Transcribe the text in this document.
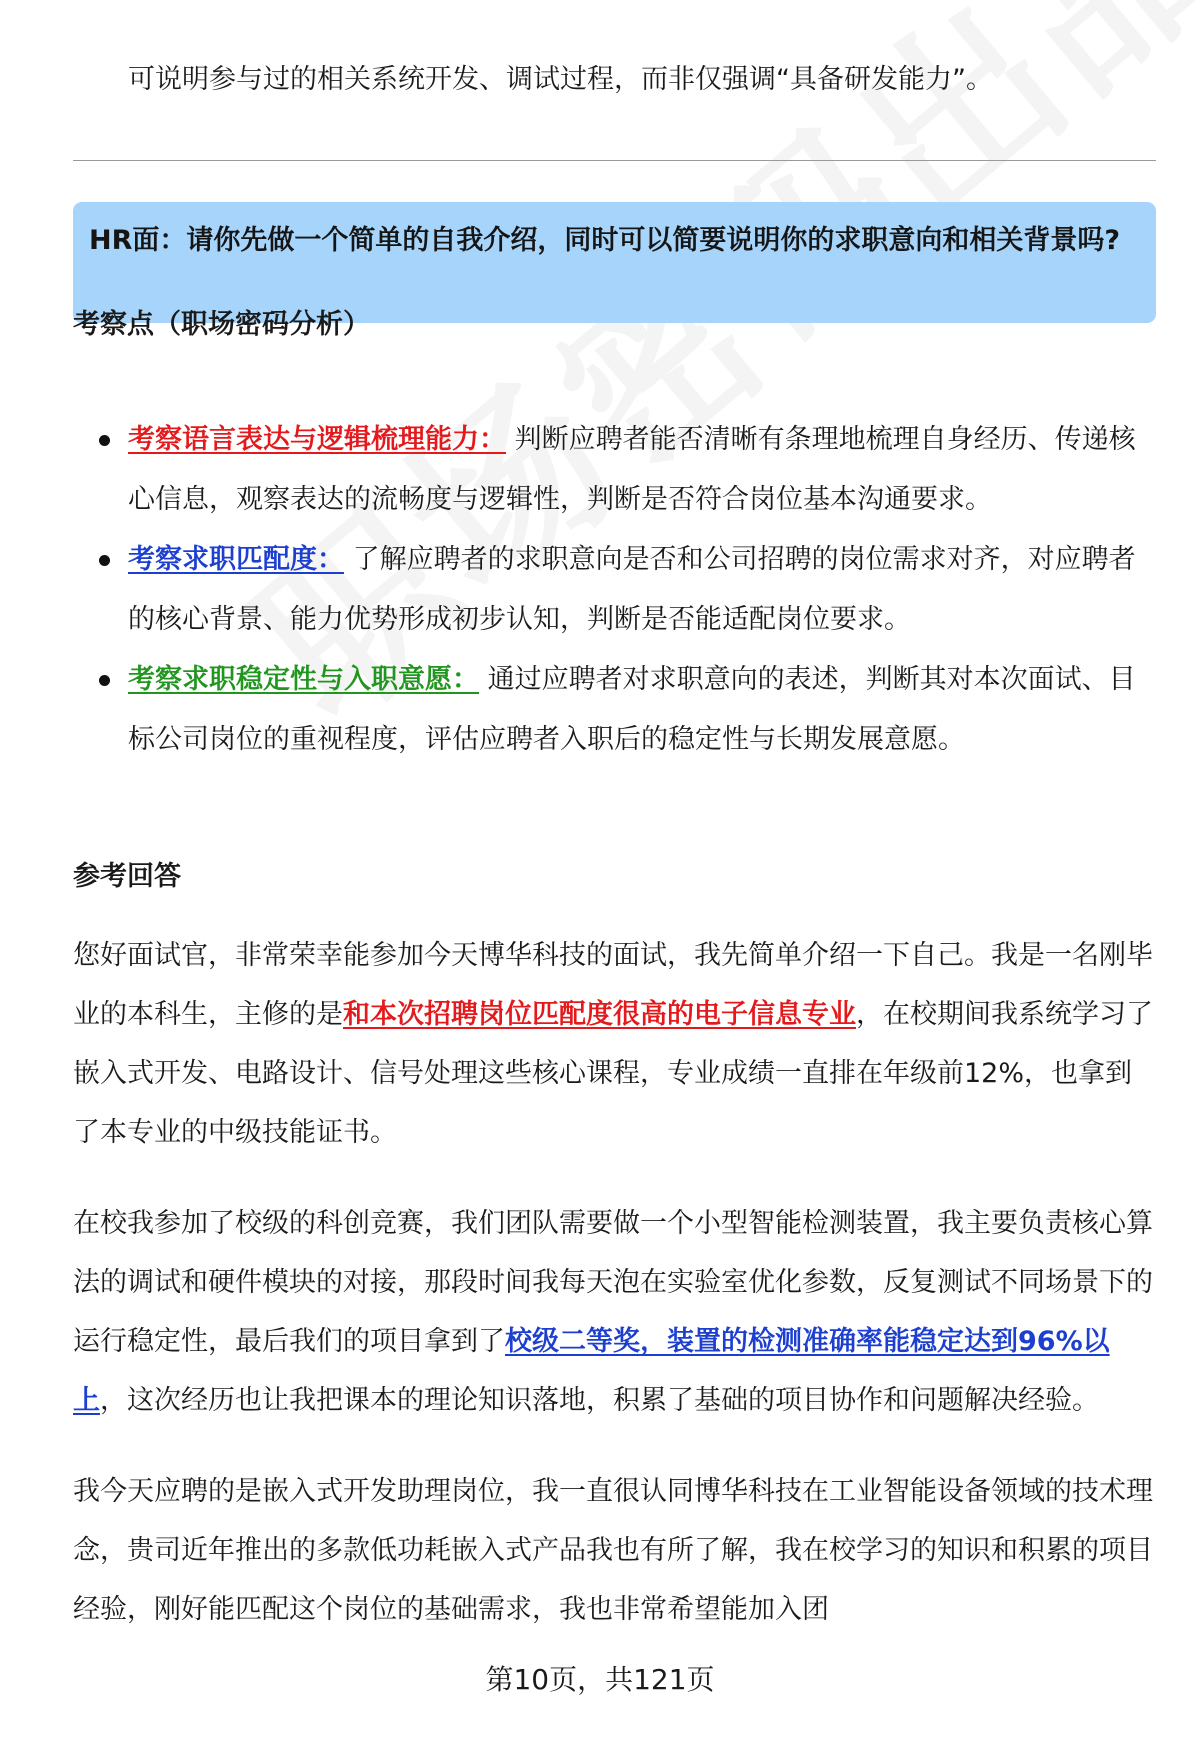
可说明参与过的相关系统开发、调试过程，而非仅强调“具备研发能力”。
HR面：请你先做一个简单的自我介绍，同时可以简要说明你的求职意向和相关背景吗?
考察点（职场密码分析）
考察语言表达与逻辑梳理能力： 判断应聘者能否清晰有条理地梳理自身经历、传递核心信息，观察表达的流畅度与逻辑性，判断是否符合岗位基本沟通要求。
考察求职匹配度： 了解应聘者的求职意向是否和公司招聘的岗位需求对齐，对应聘者的核心背景、能力优势形成初步认知，判断是否能适配岗位要求。
考察求职稳定性与入职意愿： 通过应聘者对求职意向的表述，判断其对本次面试、目标公司岗位的重视程度，评估应聘者入职后的稳定性与长期发展意愿。
参考回答

您好面试官，非常荣幸能参加今天博华科技的面试，我先简单介绍一下自己。我是一名刚毕业的本科生，主修的是和本次招聘岗位匹配度很高的电子信息专业，在校期间我系统学习了嵌入式开发、电路设计、信号处理这些核心课程，专业成绩一直排在年级前12%，也拿到了本专业的中级技能证书。

在校我参加了校级的科创竞赛，我们团队需要做一个小型智能检测装置，我主要负责核心算法的调试和硬件模块的对接，那段时间我每天泡在实验室优化参数，反复测试不同场景下的运行稳定性，最后我们的项目拿到了校级二等奖，装置的检测准确率能稳定达到96%以上，这次经历也让我把课本的理论知识落地，积累了基础的项目协作和问题解决经验。

我今天应聘的是嵌入式开发助理岗位，我一直很认同博华科技在工业智能设备领域的技术理念，贵司近年推出的多款低功耗嵌入式产品我也有所了解，我在校学习的知识和积累的项目经验，刚好能匹配这个岗位的基础需求，我也非常希望能加入团

第10页，共121页
